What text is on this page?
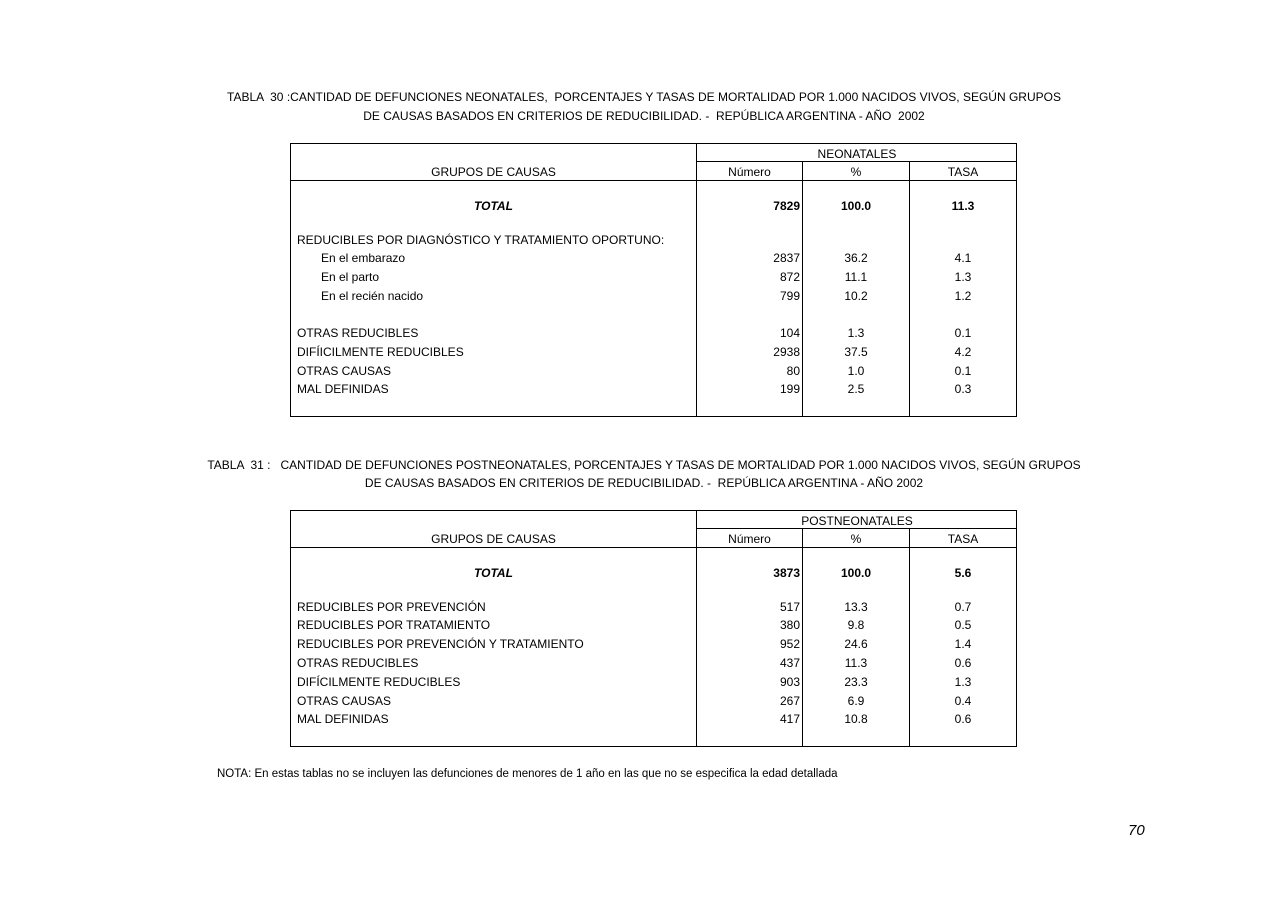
TABLA  30 :CANTIDAD DE DEFUNCIONES NEONATALES,  PORCENTAJES Y TASAS DE MORTALIDAD POR 1.000 NACIDOS VIVOS, SEGÚN GRUPOS
DE CAUSAS BASADOS EN CRITERIOS DE REDUCIBILIDAD. -  REPÚBLICA ARGENTINA - AÑO  2002
NEONATALES
GRUPOS DE CAUSAS	Número	%	TASA
TOTAL	7829	100.0	11.3
REDUCIBLES POR DIAGNÓSTICO Y TRATAMIENTO OPORTUNO:
En el embarazo	2837	36.2	4.1
En el parto	872	11.1	1.3
En el recién nacido	799	10.2	1.2
OTRAS REDUCIBLES	104	1.3	0.1
DIFÍICILMENTE REDUCIBLES	2938	37.5	4.2
OTRAS CAUSAS	80	1.0	0.1
MAL DEFINIDAS	199	2.5	0.3
TABLA  31 :   CANTIDAD DE DEFUNCIONES POSTNEONATALES, PORCENTAJES Y TASAS DE MORTALIDAD POR 1.000 NACIDOS VIVOS, SEGÚN GRUPOS
DE CAUSAS BASADOS EN CRITERIOS DE REDUCIBILIDAD. -  REPÚBLICA ARGENTINA - AÑO 2002
POSTNEONATALES
GRUPOS DE CAUSAS	Número	%	TASA
TOTAL	3873	100.0	5.6
REDUCIBLES POR PREVENCIÓN	517	13.3	0.7
REDUCIBLES POR TRATAMIENTO	380	9.8	0.5
REDUCIBLES POR PREVENCIÓN Y TRATAMIENTO	952	24.6	1.4
OTRAS REDUCIBLES	437	11.3	0.6
DIFÍCILMENTE REDUCIBLES	903	23.3	1.3
OTRAS CAUSAS	267	6.9	0.4
MAL DEFINIDAS	417	10.8	0.6
NOTA: En estas tablas no se incluyen las defunciones de menores de 1 año en las que no se especifica la edad detallada
70
